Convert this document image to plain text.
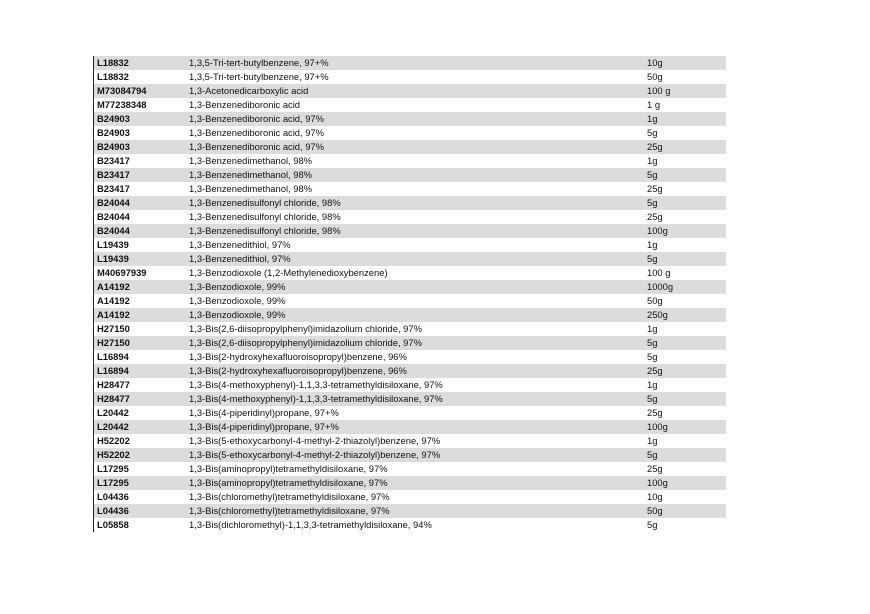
L18832	1,3,5-Tri-tert-butylbenzene, 97+%	10g
L18832	1,3,5-Tri-tert-butylbenzene, 97+%	50g
M73084794	1,3-Acetonedicarboxylic acid	100 g
M77238348	1,3-Benzenediboronic acid	1 g
B24903	1,3-Benzenediboronic acid, 97%	1g
B24903	1,3-Benzenediboronic acid, 97%	5g
B24903	1,3-Benzenediboronic acid, 97%	25g
B23417	1,3-Benzenedimethanol, 98%	1g
B23417	1,3-Benzenedimethanol, 98%	5g
B23417	1,3-Benzenedimethanol, 98%	25g
B24044	1,3-Benzenedisulfonyl chloride, 98%	5g
B24044	1,3-Benzenedisulfonyl chloride, 98%	25g
B24044	1,3-Benzenedisulfonyl chloride, 98%	100g
L19439	1,3-Benzenedithiol, 97%	1g
L19439	1,3-Benzenedithiol, 97%	5g
M40697939	1,3-Benzodioxole (1,2-Methylenedioxybenzene)	100 g
A14192	1,3-Benzodioxole, 99%	1000g
A14192	1,3-Benzodioxole, 99%	50g
A14192	1,3-Benzodioxole, 99%	250g
H27150	1,3-Bis(2,6-diisopropylphenyl)imidazolium chloride, 97%	1g
H27150	1,3-Bis(2,6-diisopropylphenyl)imidazolium chloride, 97%	5g
L16894	1,3-Bis(2-hydroxyhexafluoroisopropyl)benzene, 96%	5g
L16894	1,3-Bis(2-hydroxyhexafluoroisopropyl)benzene, 96%	25g
H28477	1,3-Bis(4-methoxyphenyl)-1,1,3,3-tetramethyldisiloxane, 97%	1g
H28477	1,3-Bis(4-methoxyphenyl)-1,1,3,3-tetramethyldisiloxane, 97%	5g
L20442	1,3-Bis(4-piperidinyl)propane, 97+%	25g
L20442	1,3-Bis(4-piperidinyl)propane, 97+%	100g
H52202	1,3-Bis(5-ethoxycarbonyl-4-methyl-2-thiazolyl)benzene, 97%	1g
H52202	1,3-Bis(5-ethoxycarbonyl-4-methyl-2-thiazolyl)benzene, 97%	5g
L17295	1,3-Bis(aminopropyl)tetramethyldisiloxane, 97%	25g
L17295	1,3-Bis(aminopropyl)tetramethyldisiloxane, 97%	100g
L04436	1,3-Bis(chloromethyl)tetramethyldisiloxane, 97%	10g
L04436	1,3-Bis(chloromethyl)tetramethyldisiloxane, 97%	50g
L05858	1,3-Bis(dichloromethyl)-1,1,3,3-tetramethyldisiloxane, 94%	5g
